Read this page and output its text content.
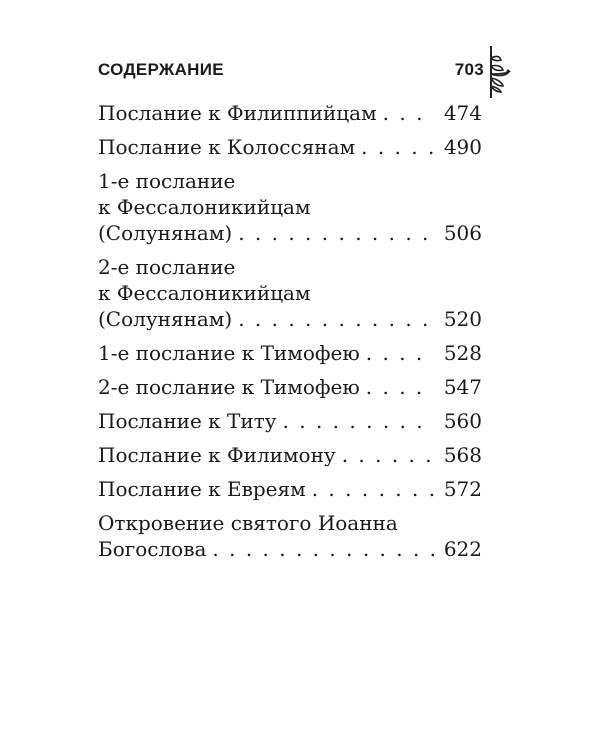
СОДЕРЖАНИЕ	703
Послание к Филиппийцам . . .	474
Послание к Колоссянам . . .	490
1-е послание
к Фессалоникийцам
(Солунянам) . . .	506
2-е послание
к Фессалоникийцам
(Солунянам) . . .	520
1-е послание к Тимофею . . .	528
2-е послание к Тимофею . . .	547
Послание к Титу . . .	560
Послание к Филимону . . .	568
Послание к Евреям . . .	572
Откровение святого Иоанна
Богослова . . .	622
